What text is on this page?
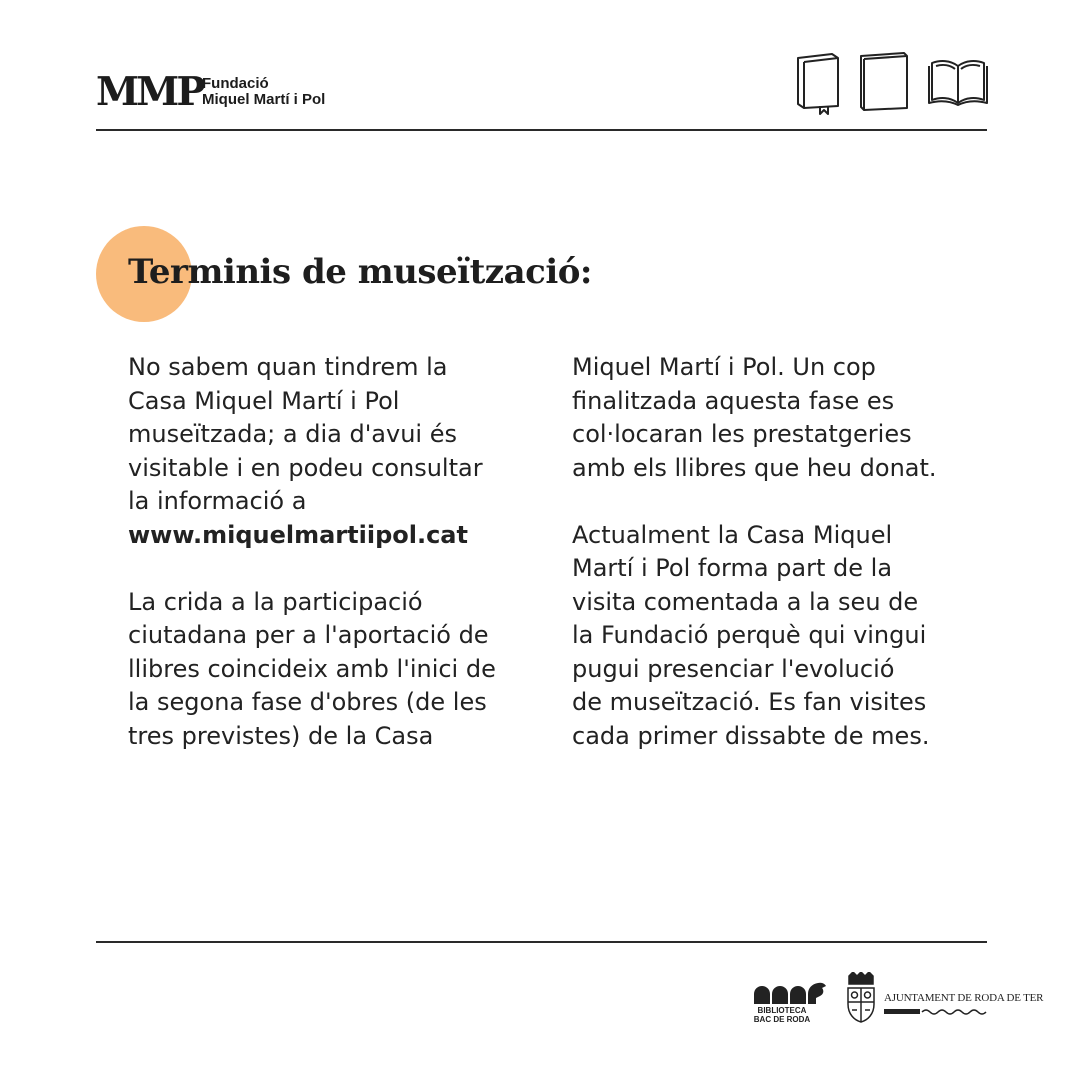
MMP Fundació
Miquel Martí i Pol
Terminis de museïtzació:

No sabem quan tindrem la
Casa Miquel Martí i Pol
museïtzada; a dia d'avui és
visitable i en podeu consultar
la informació a
www.miquelmartiipol.cat

La crida a la participació
ciutadana per a l'aportació de
llibres coincideix amb l'inici de
la segona fase d'obres (de les
tres previstes) de la Casa

Miquel Martí i Pol. Un cop
finalitzada aquesta fase es
col·locaran les prestatgeries
amb els llibres que heu donat.

Actualment la Casa Miquel
Martí i Pol forma part de la
visita comentada a la seu de
la Fundació perquè qui vingui
pugui presenciar l'evolució
de museïtzació. Es fan visites
cada primer dissabte de mes.

BIBLIOTECA
BAC DE RODA
AJUNTAMENT DE RODA DE TER
